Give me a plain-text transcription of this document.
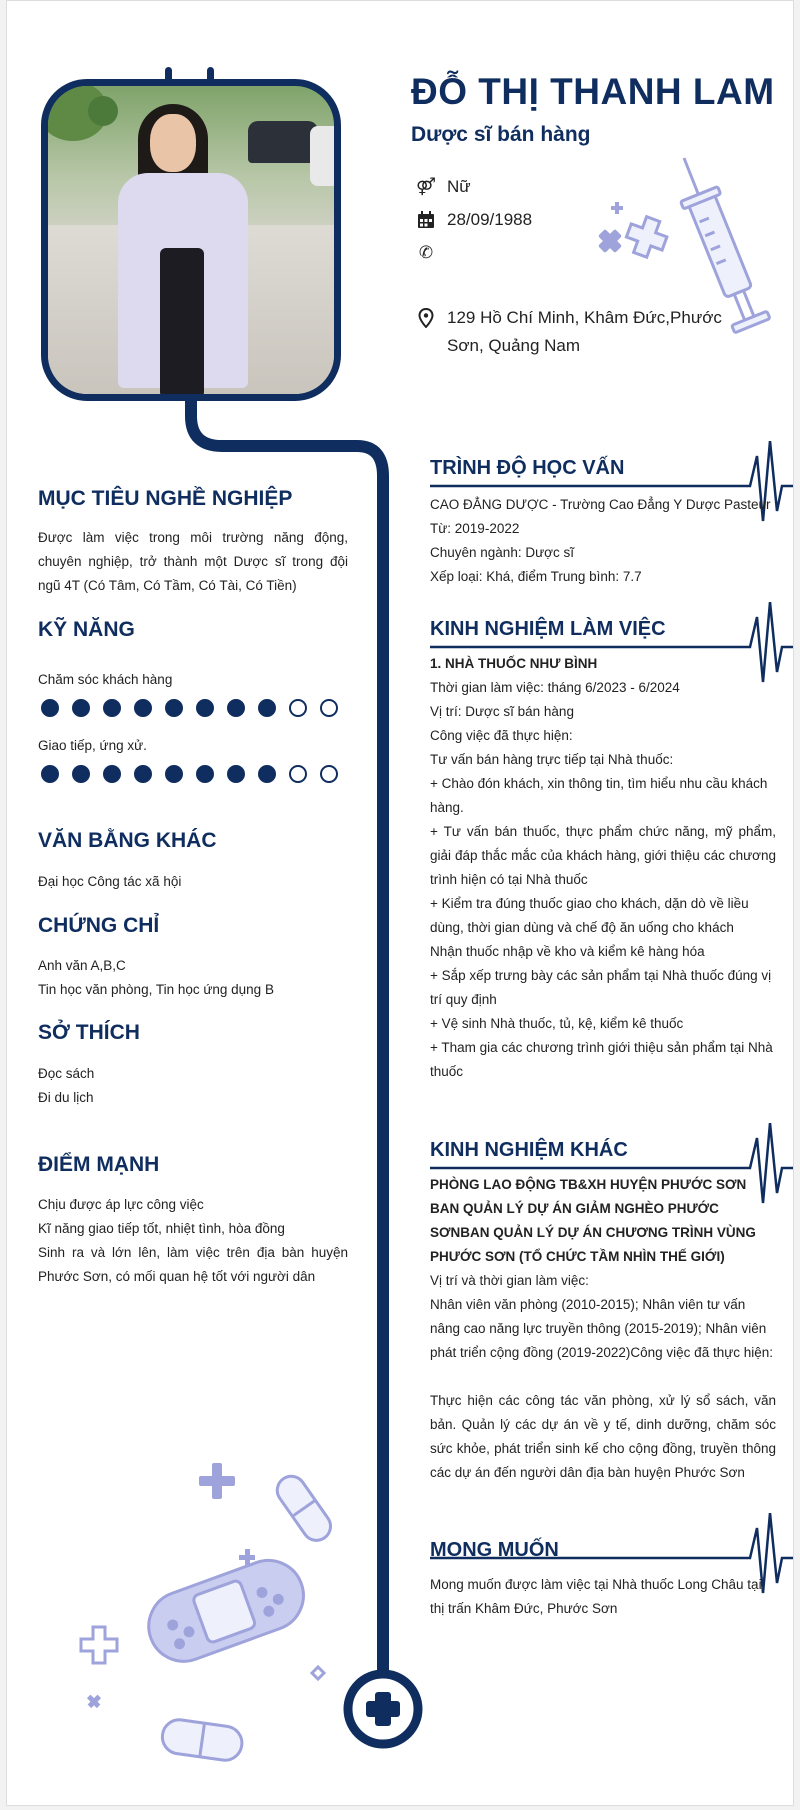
ĐỖ THỊ THANH LAM
Dược sĩ bán hàng
⚤ Nữ
28/09/1988
✆
129 Hồ Chí Minh, Khâm Đức,Phước
Sơn, Quảng Nam
MỤC TIÊU NGHỀ NGHIỆP
Được làm việc trong môi trường năng động, chuyên nghiệp, trở thành một Dược sĩ trong đội ngũ 4T (Có Tâm, Có Tầm, Có Tài, Có Tiền)
KỸ NĂNG
Chăm sóc khách hàng
Giao tiếp, ứng xử.
VĂN BẰNG KHÁC
Đại học Công tác xã hội
CHỨNG CHỈ
Anh văn A,B,C
Tin học văn phòng, Tin học ứng dụng B
SỞ THÍCH
Đọc sách
Đi du lịch
ĐIỂM MẠNH
Chịu được áp lực công việc
Kĩ năng giao tiếp tốt, nhiệt tình, hòa đồng
Sinh ra và lớn lên, làm việc trên địa bàn huyện Phước Sơn, có mối quan hệ tốt với người dân
TRÌNH ĐỘ HỌC VẤN
CAO ĐẲNG DƯỢC - Trường Cao Đẳng Y Dược Pasteur
Từ: 2019-2022
Chuyên ngành: Dược sĩ
Xếp loại: Khá, điểm Trung bình: 7.7
KINH NGHIỆM LÀM VIỆC
1. NHÀ THUỐC NHƯ BÌNH
Thời gian làm việc: tháng 6/2023 - 6/2024
Vị trí: Dược sĩ bán hàng
Công việc đã thực hiện:
Tư vấn bán hàng trực tiếp tại Nhà thuốc:
+ Chào đón khách, xin thông tin, tìm hiểu nhu cầu khách hàng.
+ Tư vấn bán thuốc, thực phẩm chức năng, mỹ phẩm, giải đáp thắc mắc của khách hàng, giới thiệu các chương trình hiện có tại Nhà thuốc
+ Kiểm tra đúng thuốc giao cho khách, dặn dò về liều dùng, thời gian dùng và chế độ ăn uống cho khách
Nhận thuốc nhập về kho và kiểm kê hàng hóa
+ Sắp xếp trưng bày các sản phẩm tại Nhà thuốc đúng vị trí quy định
+ Vệ sinh Nhà thuốc, tủ, kệ, kiểm kê thuốc
+ Tham gia các chương trình giới thiệu sản phẩm tại Nhà thuốc
KINH NGHIỆM KHÁC
PHÒNG LAO ĐỘNG TB&XH HUYỆN PHƯỚC SƠN BAN QUẢN LÝ DỰ ÁN GIẢM NGHÈO PHƯỚC SƠNBAN QUẢN LÝ DỰ ÁN CHƯƠNG TRÌNH VÙNG PHƯỚC SƠN (TỔ CHỨC TẦM NHÌN THẾ GIỚI)
Vị trí và thời gian làm việc:
Nhân viên văn phòng (2010-2015); Nhân viên tư vấn nâng cao năng lực truyền thông (2015-2019); Nhân viên phát triển cộng đồng (2019-2022)Công việc đã thực hiện:
Thực hiện các công tác văn phòng, xử lý sổ sách, văn bản. Quản lý các dự án về y tế, dinh dưỡng, chăm sóc sức khỏe, phát triển sinh kế cho cộng đồng, truyền thông các dự án đến người dân địa bàn huyện Phước Sơn
MONG MUỐN
Mong muốn được làm việc tại Nhà thuốc Long Châu tại thị trấn Khâm Đức, Phước Sơn
